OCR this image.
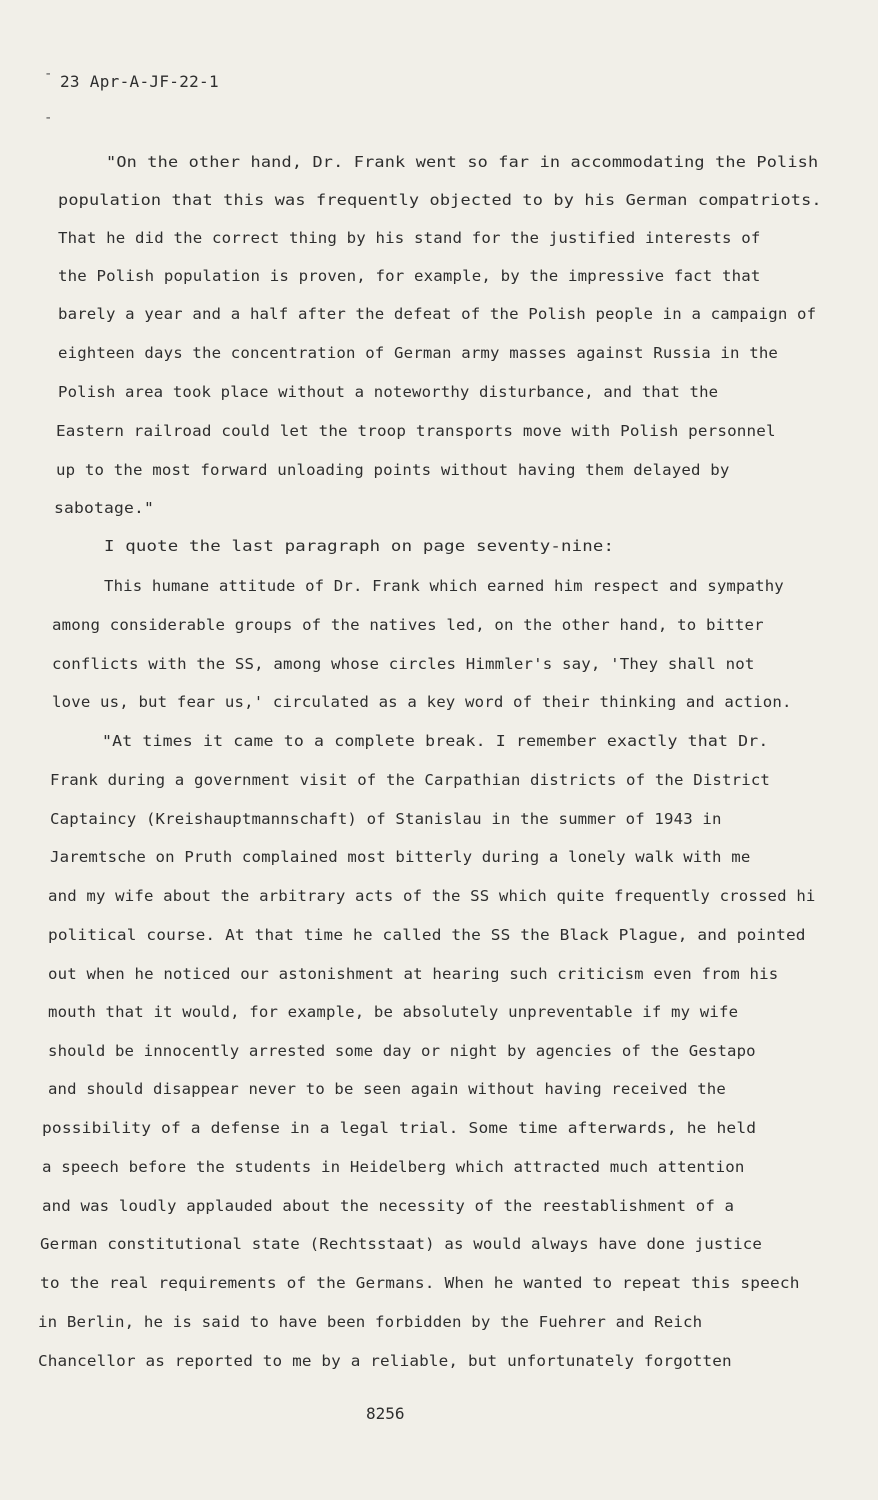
-
-
23 Apr-A-JF-22-1
"On the other hand, Dr. Frank went so far in accommodating the Polish
population that this was frequently objected to by his German compatriots.
That he did the correct thing by his stand for the justified interests of
the Polish population is proven, for example, by the impressive fact that
barely a year and a half after the defeat of the Polish people in a campaign of
eighteen days the concentration of German army masses against Russia in the
Polish area took place without a noteworthy disturbance, and that the
Eastern railroad could let the troop transports move with Polish personnel
up to the most forward unloading points without having them delayed by
sabotage."
I quote the last paragraph on page seventy-nine:
This humane attitude of Dr. Frank which earned him respect and sympathy
among considerable groups of the natives led, on the other hand, to bitter
conflicts with the SS, among whose circles Himmler's say, 'They shall not
love us, but fear us,' circulated as a key word of their thinking and action.
"At times it came to a complete break. I remember exactly that Dr.
Frank during a government visit of the Carpathian districts of the District
Captaincy (Kreishauptmannschaft) of Stanislau in the summer of 1943 in
Jaremtsche on Pruth complained most bitterly during a lonely walk with me
and my wife about the arbitrary acts of the SS which quite frequently crossed hi
political course. At that time he called the SS the Black Plague, and pointed
out when he noticed our astonishment at hearing such criticism even from his
mouth that it would, for example, be absolutely unpreventable if my wife
should be innocently arrested some day or night by agencies of the Gestapo
and should disappear never to be seen again without having received the
possibility of a defense in a legal trial. Some time afterwards, he held
a speech before the students in Heidelberg which attracted much attention
and was loudly applauded about the necessity of the reestablishment of a
German constitutional state (Rechtsstaat) as would always have done justice
to the real requirements of the Germans. When he wanted to repeat this speech
in Berlin, he is said to have been forbidden by the Fuehrer and Reich
Chancellor as reported to me by a reliable, but unfortunately forgotten
8256
